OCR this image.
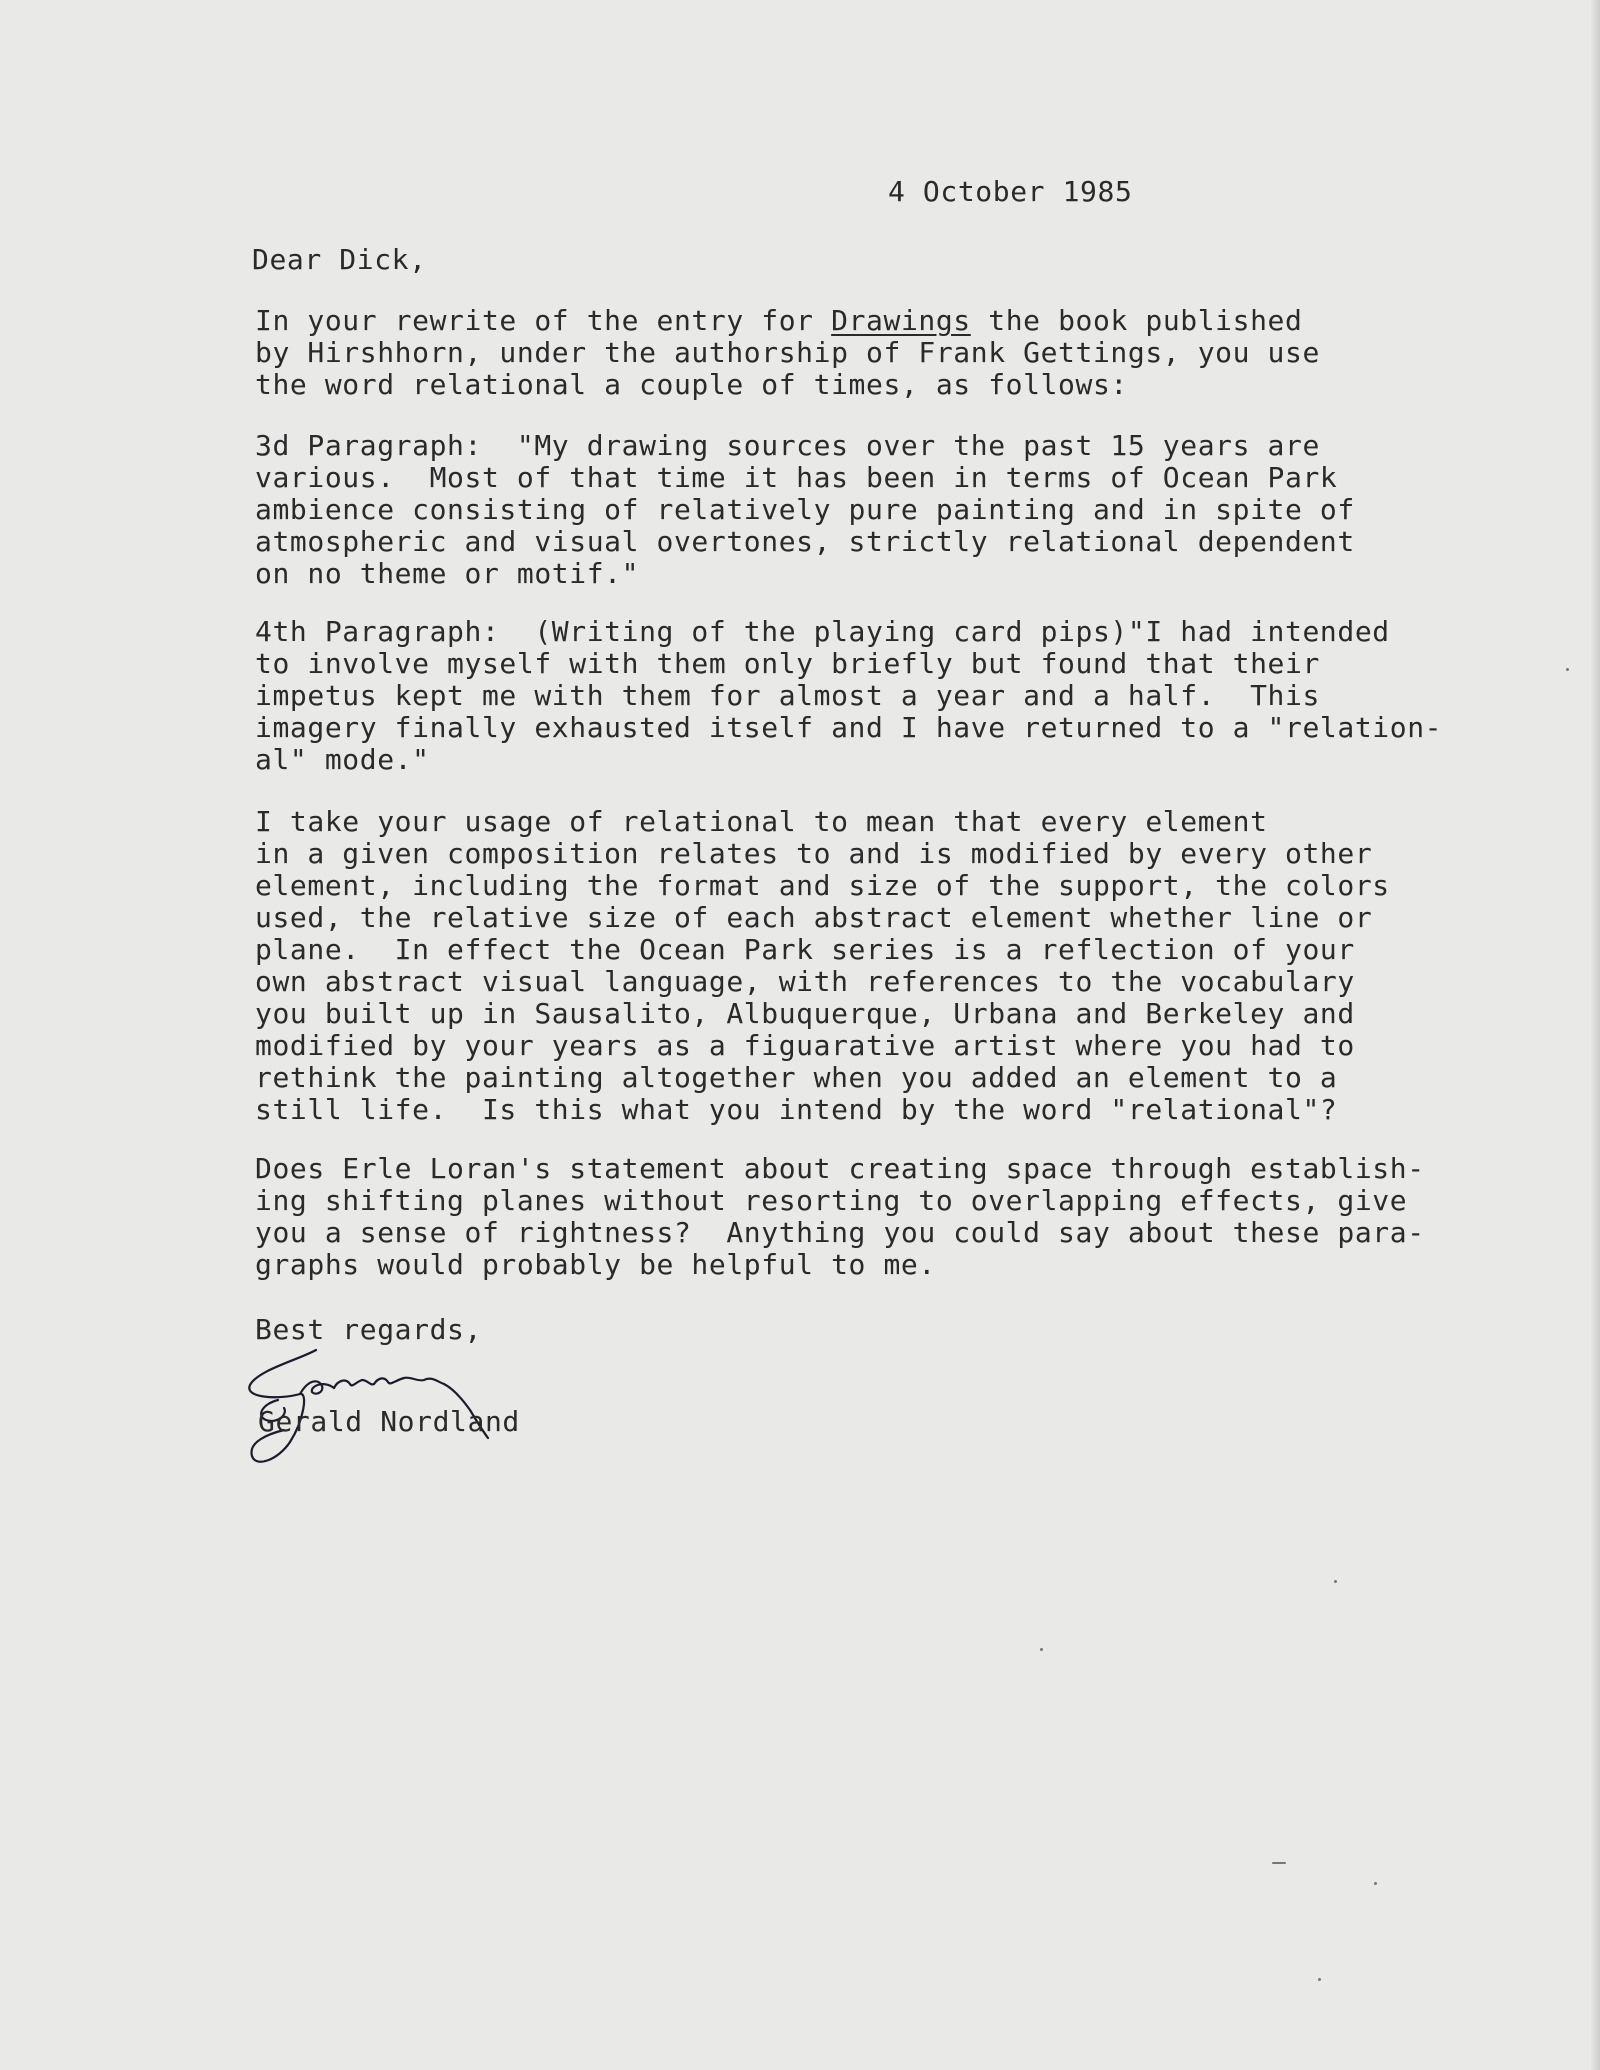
4 October 1985

Dear Dick,

In your rewrite of the entry for Drawings the book published
by Hirshhorn, under the authorship of Frank Gettings, you use
the word relational a couple of times, as follows:
3d Paragraph:  "My drawing sources over the past 15 years are
various.  Most of that time it has been in terms of Ocean Park
ambience consisting of relatively pure painting and in spite of
atmospheric and visual overtones, strictly relational dependent
on no theme or motif."
4th Paragraph:  (Writing of the playing card pips)"I had intended
to involve myself with them only briefly but found that their
impetus kept me with them for almost a year and a half.  This
imagery finally exhausted itself and I have returned to a "relation-
al" mode."
I take your usage of relational to mean that every element
in a given composition relates to and is modified by every other
element, including the format and size of the support, the colors
used, the relative size of each abstract element whether line or
plane.  In effect the Ocean Park series is a reflection of your
own abstract visual language, with references to the vocabulary
you built up in Sausalito, Albuquerque, Urbana and Berkeley and
modified by your years as a figuarative artist where you had to
rethink the painting altogether when you added an element to a
still life.  Is this what you intend by the word "relational"?
Does Erle Loran's statement about creating space through establish-
ing shifting planes without resorting to overlapping effects, give
you a sense of rightness?  Anything you could say about these para-
graphs would probably be helpful to me.

Best regards,

Gerald Nordland
